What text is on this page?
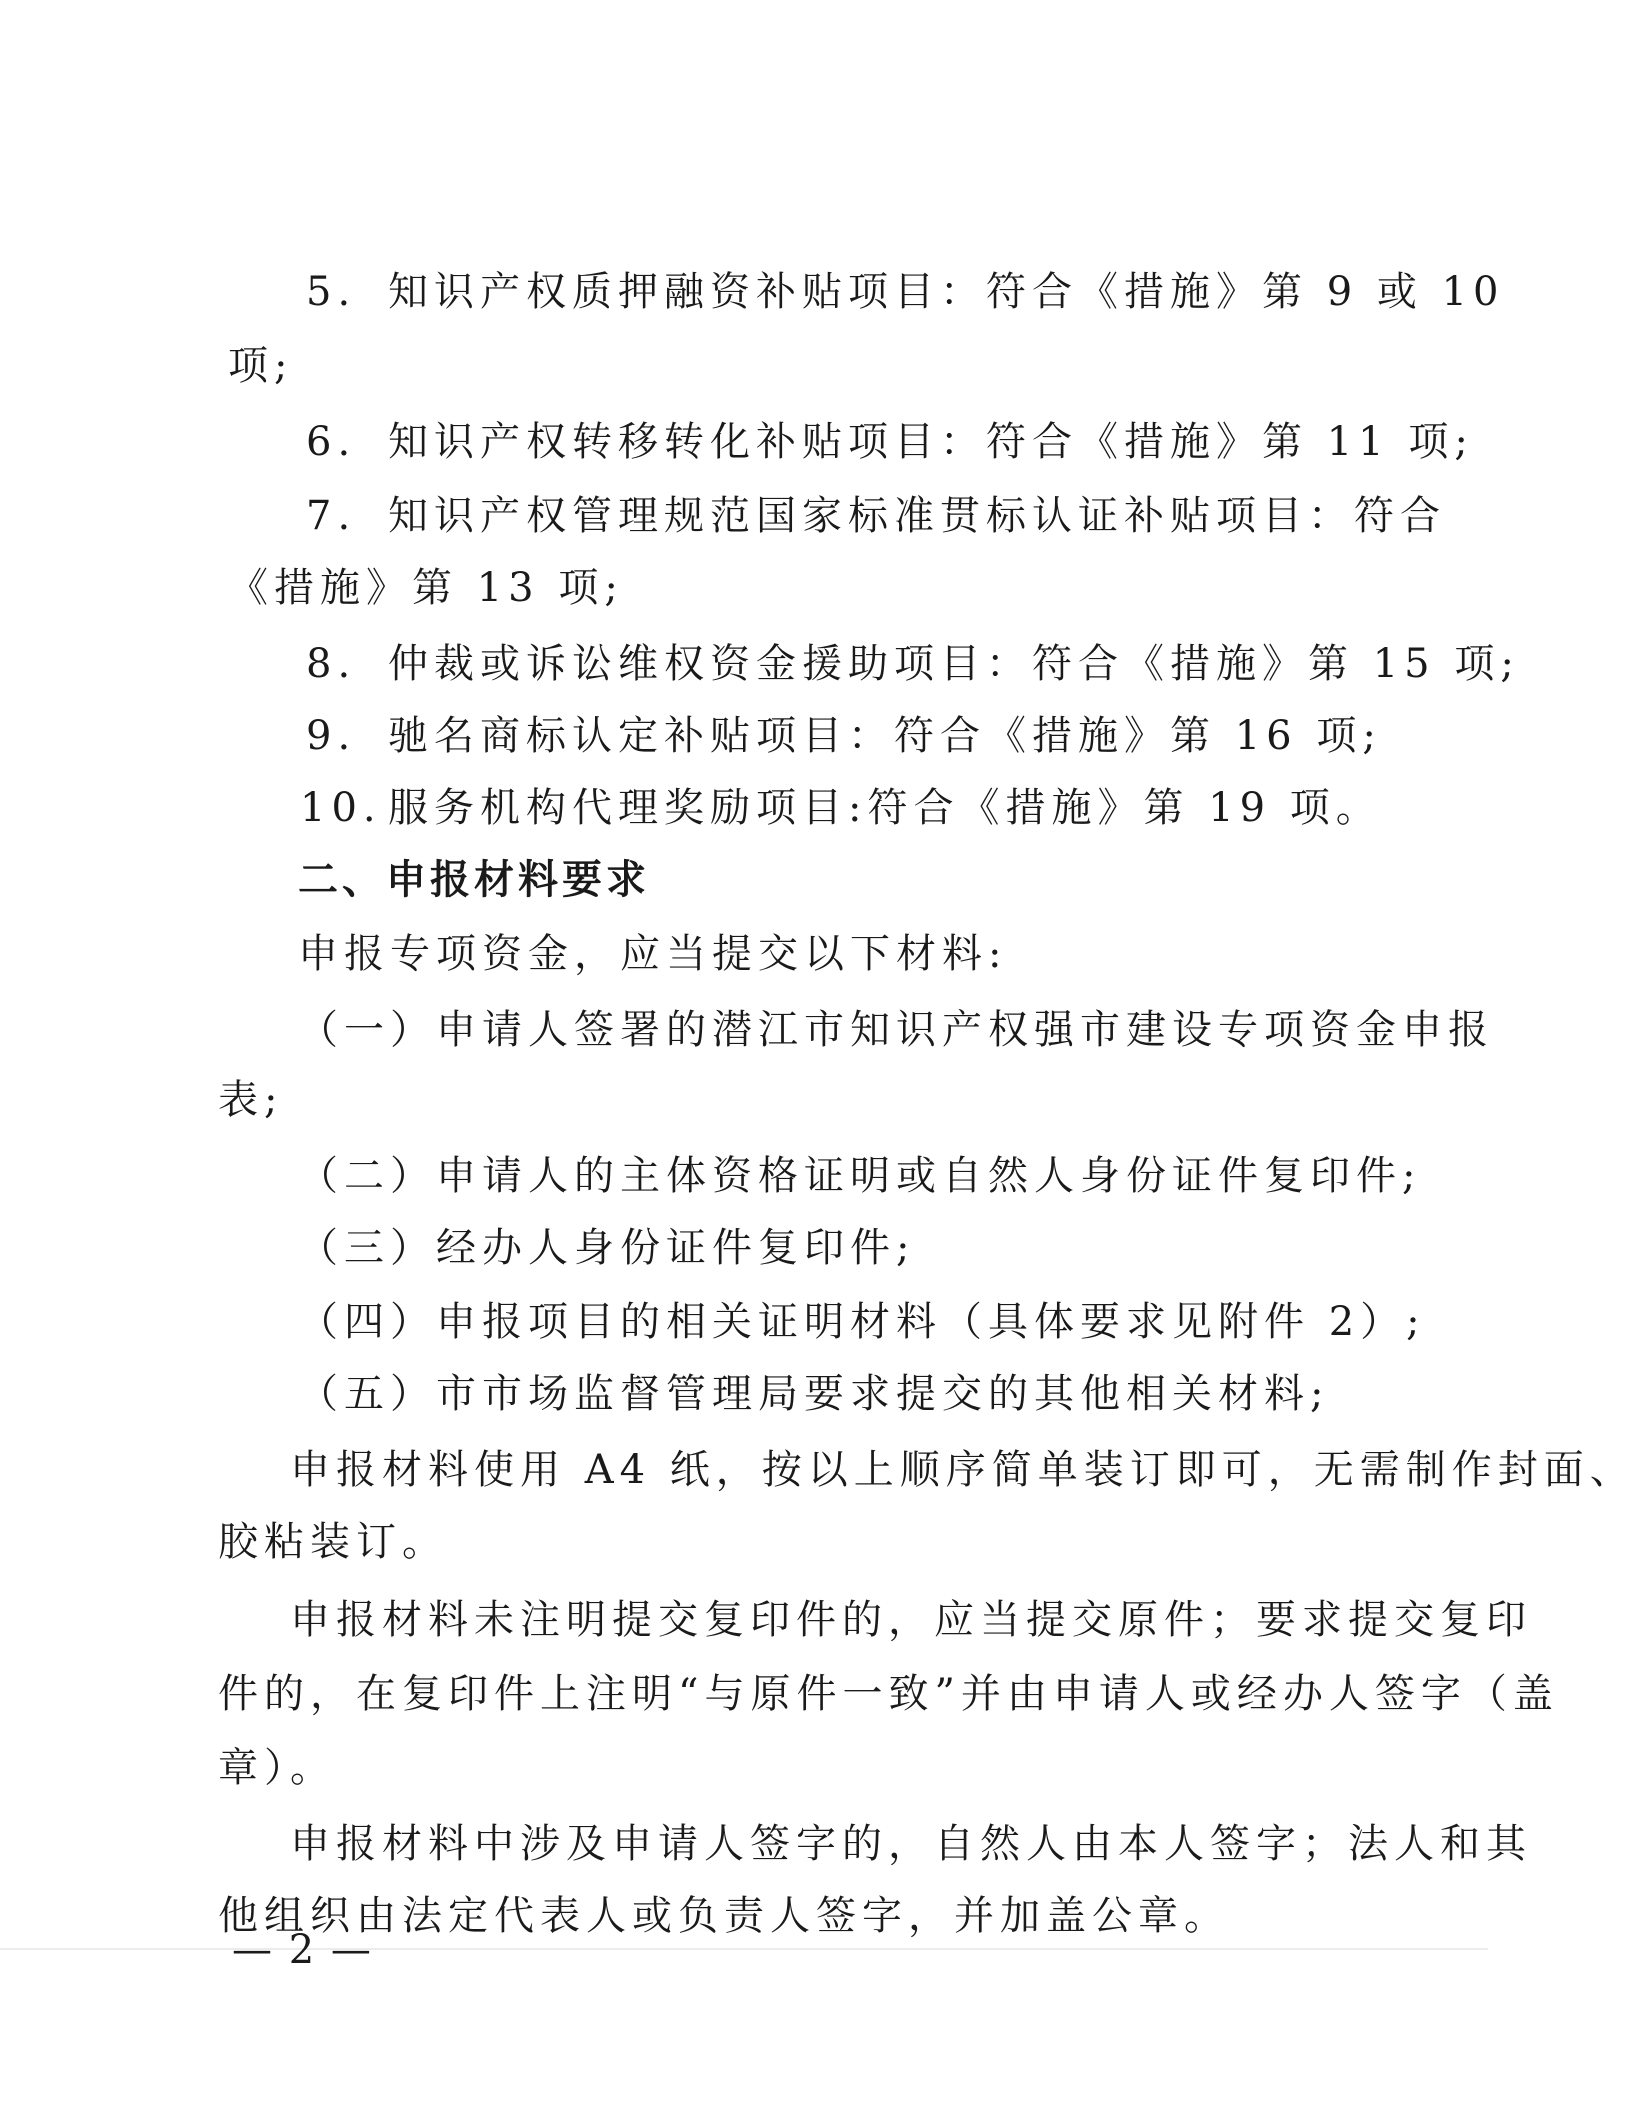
5. 知识产权质押融资补贴项目：符合《措施》第 9 或 10
项;
6. 知识产权转移转化补贴项目：符合《措施》第 11 项;
7. 知识产权管理规范国家标准贯标认证补贴项目：符合
《措施》第 13 项;
8. 仲裁或诉讼维权资金援助项目：符合《措施》第 15 项;
9. 驰名商标认定补贴项目：符合《措施》第 16 项;
10. 服务机构代理奖励项目:符合《措施》第 19 项。
二、申报材料要求
申报专项资金，应当提交以下材料:
（一）申请人签署的潜江市知识产权强市建设专项资金申报
表;
（二）申请人的主体资格证明或自然人身份证件复印件;
（三）经办人身份证件复印件;
（四）申报项目的相关证明材料（具体要求见附件 2）;
（五）市市场监督管理局要求提交的其他相关材料;
申报材料使用 A4 纸，按以上顺序简单装订即可，无需制作封面、
胶粘装订。
申报材料未注明提交复印件的，应当提交原件；要求提交复印
件的，在复印件上注明“与原件一致”并由申请人或经办人签字（盖
章）。
申报材料中涉及申请人签字的，自然人由本人签字；法人和其
他组织由法定代表人或负责人签字，并加盖公章。
— 2 —
